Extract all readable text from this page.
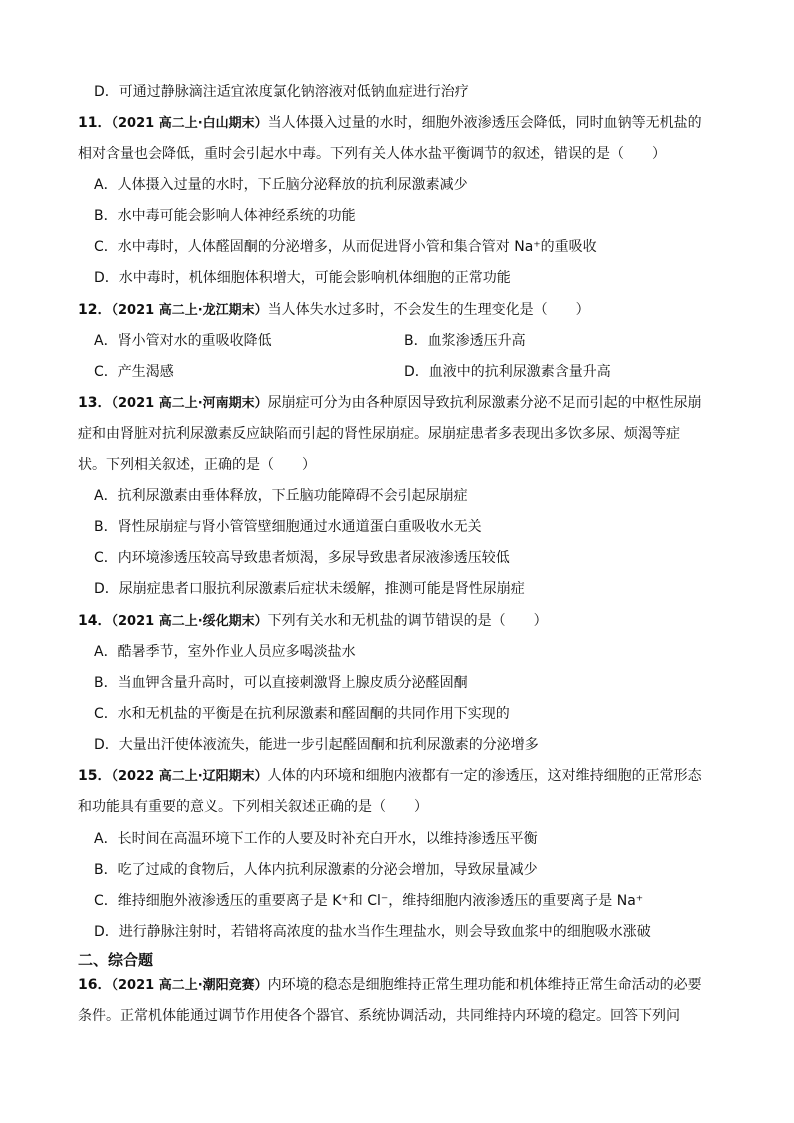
D．可通过静脉滴注适宜浓度氯化钠溶液对低钠血症进行治疗
11．（2021 高二上·白山期末）当人体摄入过量的水时，细胞外液渗透压会降低，同时血钠等无机盐的
相对含量也会降低，重时会引起水中毒。下列有关人体水盐平衡调节的叙述，错误的是（　　）
A．人体摄入过量的水时，下丘脑分泌释放的抗利尿激素减少
B．水中毒可能会影响人体神经系统的功能
C．水中毒时，人体醛固酮的分泌增多，从而促进肾小管和集合管对 Na⁺的重吸收
D．水中毒时，机体细胞体积增大，可能会影响机体细胞的正常功能
12．（2021 高二上·龙江期末）当人体失水过多时，不会发生的生理变化是（　　）
A．肾小管对水的重吸收降低	B．血浆渗透压升高
C．产生渴感	D．血液中的抗利尿激素含量升高
13．（2021 高二上·河南期末）尿崩症可分为由各种原因导致抗利尿激素分泌不足而引起的中枢性尿崩
症和由肾脏对抗利尿激素反应缺陷而引起的肾性尿崩症。尿崩症患者多表现出多饮多尿、烦渴等症
状。下列相关叙述，正确的是（　　）
A．抗利尿激素由垂体释放，下丘脑功能障碍不会引起尿崩症
B．肾性尿崩症与肾小管管壁细胞通过水通道蛋白重吸收水无关
C．内环境渗透压较高导致患者烦渴，多尿导致患者尿液渗透压较低
D．尿崩症患者口服抗利尿激素后症状未缓解，推测可能是肾性尿崩症
14．（2021 高二上·绥化期末）下列有关水和无机盐的调节错误的是（　　）
A．酷暑季节，室外作业人员应多喝淡盐水
B．当血钾含量升高时，可以直接刺激肾上腺皮质分泌醛固酮
C．水和无机盐的平衡是在抗利尿激素和醛固酮的共同作用下实现的
D．大量出汗使体液流失，能进一步引起醛固酮和抗利尿激素的分泌增多
15．（2022 高二上·辽阳期末）人体的内环境和细胞内液都有一定的渗透压，这对维持细胞的正常形态
和功能具有重要的意义。下列相关叙述正确的是（　　）
A．长时间在高温环境下工作的人要及时补充白开水，以维持渗透压平衡
B．吃了过咸的食物后，人体内抗利尿激素的分泌会增加，导致尿量减少
C．维持细胞外液渗透压的重要离子是 K⁺和 Cl⁻，维持细胞内液渗透压的重要离子是 Na⁺
D．进行静脉注射时，若错将高浓度的盐水当作生理盐水，则会导致血浆中的细胞吸水涨破
二、综合题
16．（2021 高二上·潮阳竞赛）内环境的稳态是细胞维持正常生理功能和机体维持正常生命活动的必要
条件。正常机体能通过调节作用使各个器官、系统协调活动，共同维持内环境的稳定。回答下列问
